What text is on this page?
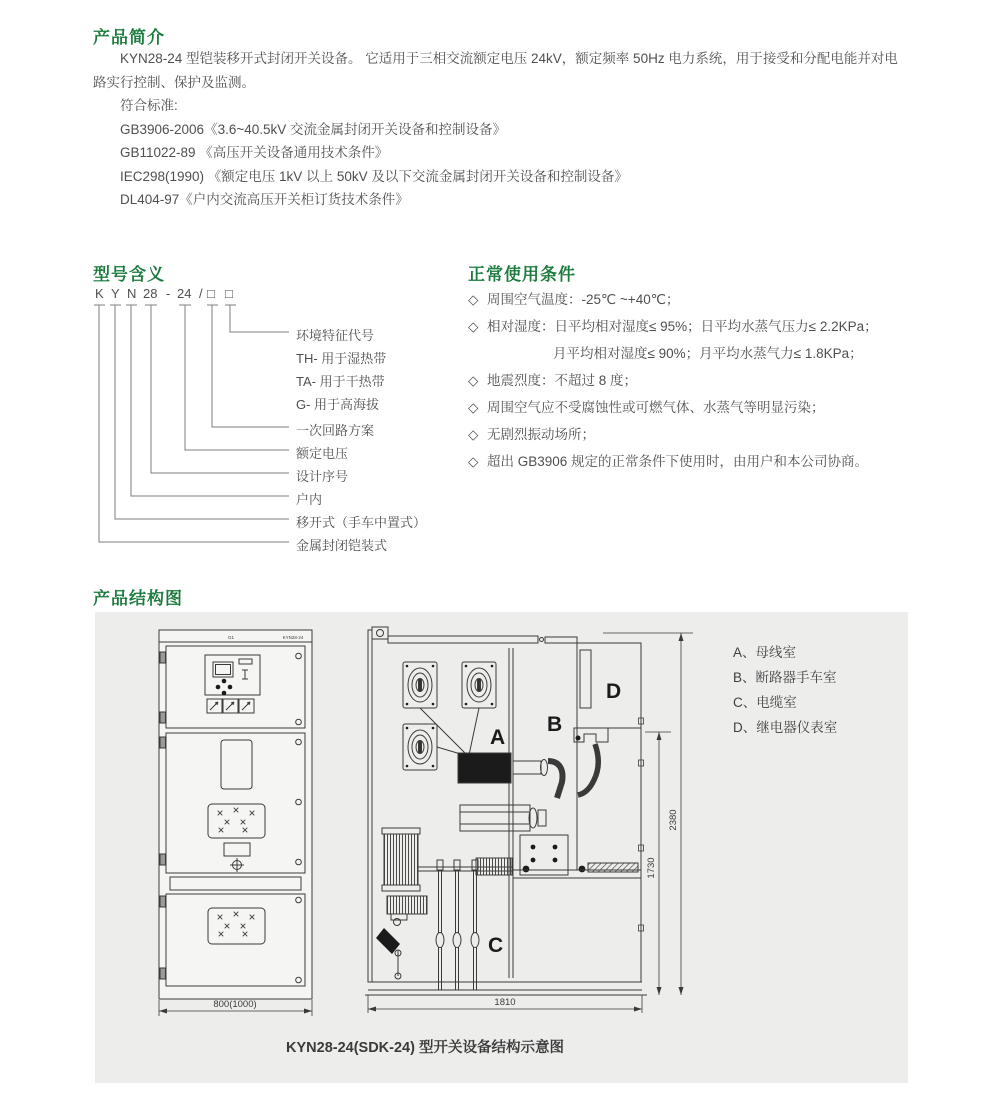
产品简介

KYN28-24 型铠装移开式封闭开关设备。 它适用于三相交流额定电压 24kV，额定频率 50Hz 电力系统，用于接受和分配电能并对电路实行控制、保护及监测。

符合标准:
GB3906-2006《3.6~40.5kV 交流金属封闭开关设备和控制设备》
GB11022-89 《高压开关设备通用技术条件》
IEC298(1990) 《额定电压 1kV 以上 50kV 及以下交流金属封闭开关设备和控制设备》
DL404-97《户内交流高压开关柜订货技术条件》
型号含义
K Y N 28 - 24 / □ □
环境特征代号
TH- 用于湿热带
TA- 用于干热带
G- 用于高海拔
一次回路方案
额定电压
设计序号
户内
移开式（手车中置式）
金属封闭铠装式
正常使用条件
◇ 周围空气温度：-25℃ ~+40℃；
◇ 相对湿度：日平均相对湿度≤ 95%；日平均水蒸气压力≤ 2.2KPa；
月平均相对湿度≤ 90%；月平均水蒸气力≤ 1.8KPa；
◇ 地震烈度：不超过 8 度；
◇ 周围空气应不受腐蚀性或可燃气体、水蒸气等明显污染；
◇ 无剧烈振动场所；
◇ 超出 GB3906 规定的正常条件下使用时，由用户和本公司协商。
产品结构图
G1	KYN28-24
800(1000)
A
B
C
D
1810
2380
1730
A、母线室
B、断路器手车室
C、电缆室
D、继电器仪表室
KYN28-24(SDK-24) 型开关设备结构示意图
